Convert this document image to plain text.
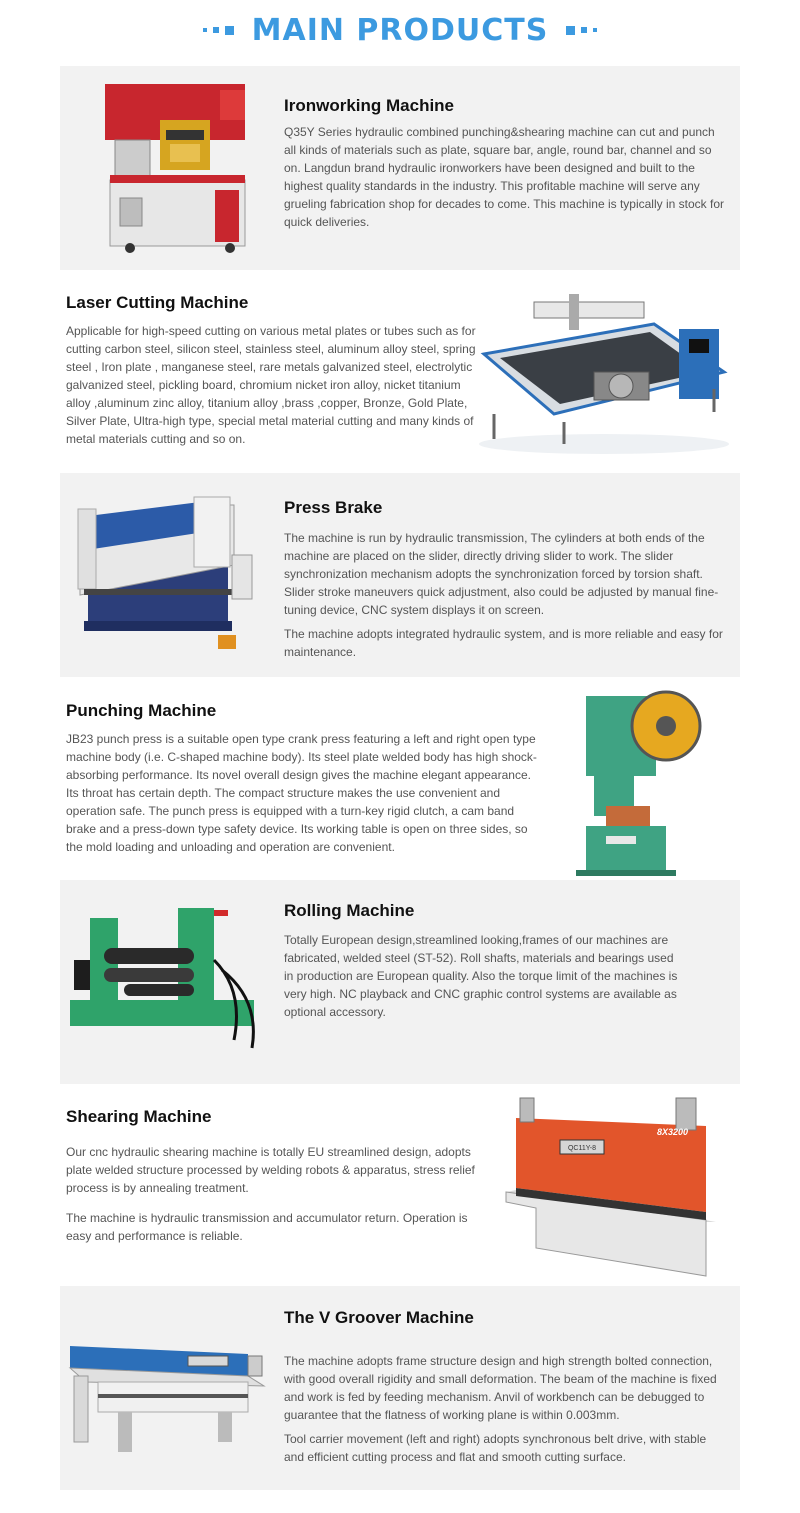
MAIN PRODUCTS
Ironworking Machine

Q35Y Series hydraulic combined punching&shearing machine can cut and punch all kinds of materials such as plate, square bar, angle, round bar, channel and so on. Langdun brand hydraulic ironworkers have been designed and built to the highest quality standards in the industry. This profitable machine will serve any grueling fabrication shop for decades to come. This machine is typically in stock for quick deliveries.

Laser Cutting Machine

Applicable for high-speed cutting on various metal plates or tubes such as for cutting carbon steel, silicon steel, stainless steel, aluminum alloy steel, spring steel , Iron plate , manganese steel, rare metals galvanized steel, electrolytic galvanized steel, pickling board, chromium nicket iron alloy, nicket titanium alloy ,aluminum zinc alloy, titanium alloy ,brass ,copper, Bronze, Gold Plate, Silver Plate, Ultra-high type, special metal material cutting and many kinds of metal materials cutting and so on.

Press Brake

The machine is run by hydraulic transmission, The cylinders at both ends of the machine are placed on the slider, directly driving slider to work. The slider synchronization mechanism adopts the synchronization forced by torsion shaft. Slider stroke maneuvers quick adjustment, also could be adjusted by manual fine-tuning device, CNC system displays it on screen.

The machine adopts integrated hydraulic system, and is more reliable and easy for maintenance.

Punching Machine

JB23 punch press is a suitable open type crank press featuring a left and right open type machine body (i.e. C-shaped machine body). Its steel plate welded body has high shock-absorbing performance. Its novel overall design gives the machine elegant appearance. Its throat has certain depth. The compact structure makes the use convenient and operation safe. The punch press is equipped with a turn-key rigid clutch, a cam band brake and a press-down type safety device. Its working table is open on three sides, so the mold loading and unloading and operation are convenient.

Rolling Machine

Totally European design,streamlined looking,frames of our machines are fabricated, welded steel (ST-52). Roll shafts, materials and bearings used in production are European quality. Also the torque limit of the machines is very high. NC playback and CNC graphic control systems are available as optional accessory.

Shearing Machine

Our cnc hydraulic shearing machine is totally EU streamlined design, adopts plate welded structure processed by welding robots & apparatus, stress relief process is by annealing treatment.

The machine is hydraulic transmission and accumulator return. Operation is easy and performance is reliable.

QC11Y-8
8X3200
The V Groover Machine

The machine adopts frame structure design and high strength bolted connection, with good overall rigidity and small deformation. The beam of the machine is fixed and work is fed by feeding mechanism. Anvil of workbench can be debugged to guarantee that the flatness of working plane is within 0.003mm.

Tool carrier movement (left and right) adopts synchronous belt drive, with stable and efficient cutting process and flat and smooth cutting surface.
